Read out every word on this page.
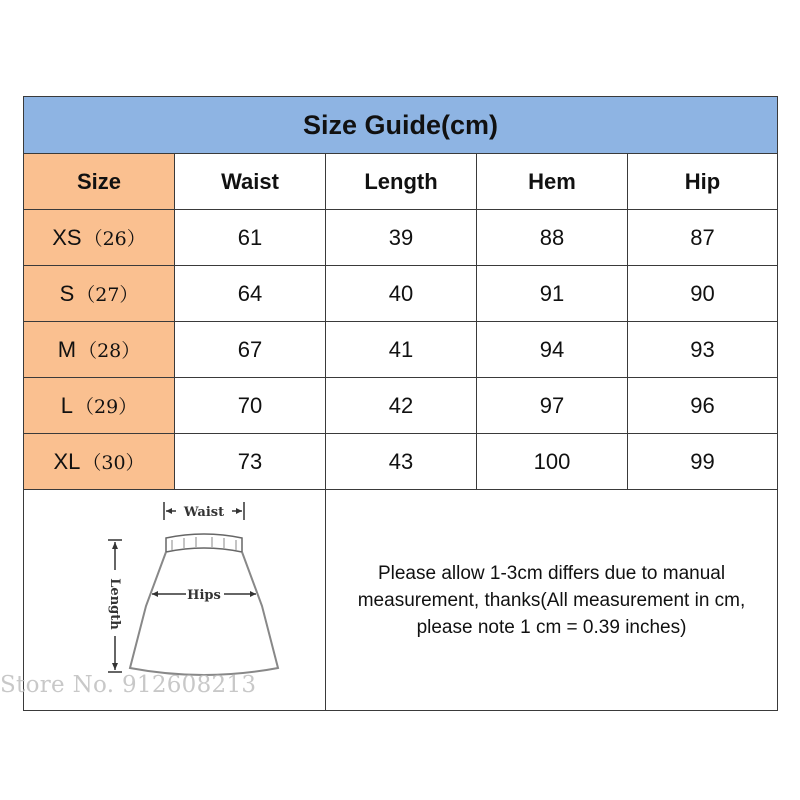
Size Guide(cm)				
Size	Waist	Length	Hem	Hip

XS （26）	61	39	88	87

S （27）	64	40	91	90

M （28）	67	41	94	93

L （29）	70	42	97	96

XL （30）	73	43	100	99

Waist
Hips
Length		Please allow 1-3cm differs due to manual measurement, thanks(All measurement in cm, please note 1 cm = 0.39 inches)		
Store No. 912608213
